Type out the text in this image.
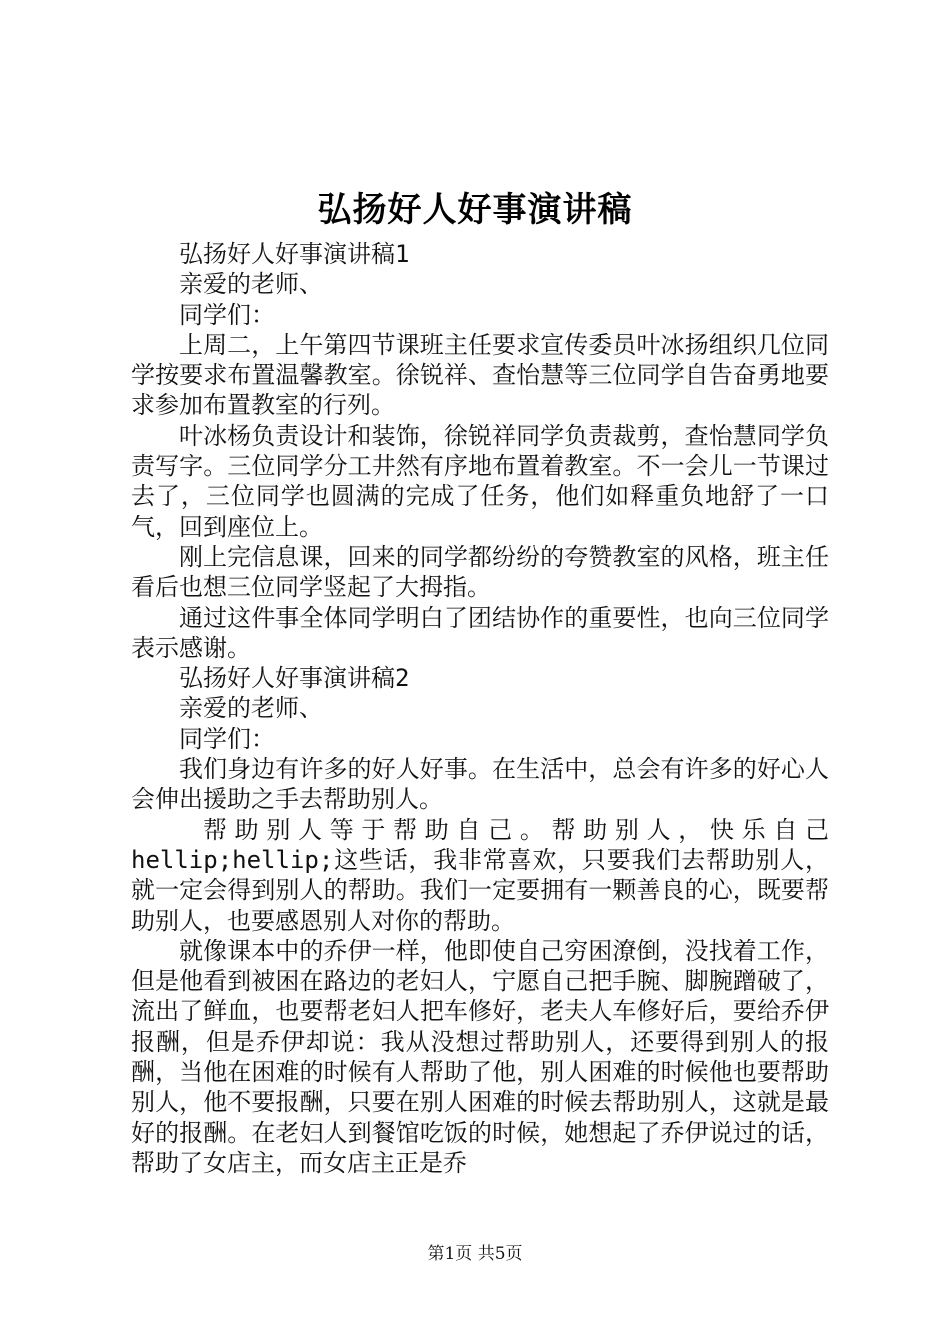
弘扬好人好事演讲稿

弘扬好人好事演讲稿1

亲爱的老师、

同学们：

上周二，上午第四节课班主任要求宣传委员叶冰扬组织几位同学按要求布置温馨教室。徐锐祥、查怡慧等三位同学自告奋勇地要求参加布置教室的行列。

叶冰杨负责设计和装饰，徐锐祥同学负责裁剪，查怡慧同学负责写字。三位同学分工井然有序地布置着教室。不一会儿一节课过去了，三位同学也圆满的完成了任务，他们如释重负地舒了一口气，回到座位上。

刚上完信息课，回来的同学都纷纷的夸赞教室的风格，班主任看后也想三位同学竖起了大拇指。

通过这件事全体同学明白了团结协作的重要性，也向三位同学表示感谢。

弘扬好人好事演讲稿2

亲爱的老师、

同学们：

我们身边有许多的好人好事。在生活中，总会有许多的好心人会伸出援助之手去帮助别人。

帮助别人等于帮助自己。帮助别人，快乐自己hellip;hellip;这些话，我非常喜欢，只要我们去帮助别人，就一定会得到别人的帮助。我们一定要拥有一颗善良的心，既要帮助别人，也要感恩别人对你的帮助。

就像课本中的乔伊一样，他即使自己穷困潦倒，没找着工作，但是他看到被困在路边的老妇人，宁愿自己把手腕、脚腕蹭破了，流出了鲜血，也要帮老妇人把车修好，老夫人车修好后，要给乔伊报酬，但是乔伊却说：我从没想过帮助别人，还要得到别人的报酬，当他在困难的时候有人帮助了他，别人困难的时候他也要帮助别人，他不要报酬，只要在别人困难的时候去帮助别人，这就是最好的报酬。在老妇人到餐馆吃饭的时候，她想起了乔伊说过的话，帮助了女店主，而女店主正是乔

第1页 共5页
